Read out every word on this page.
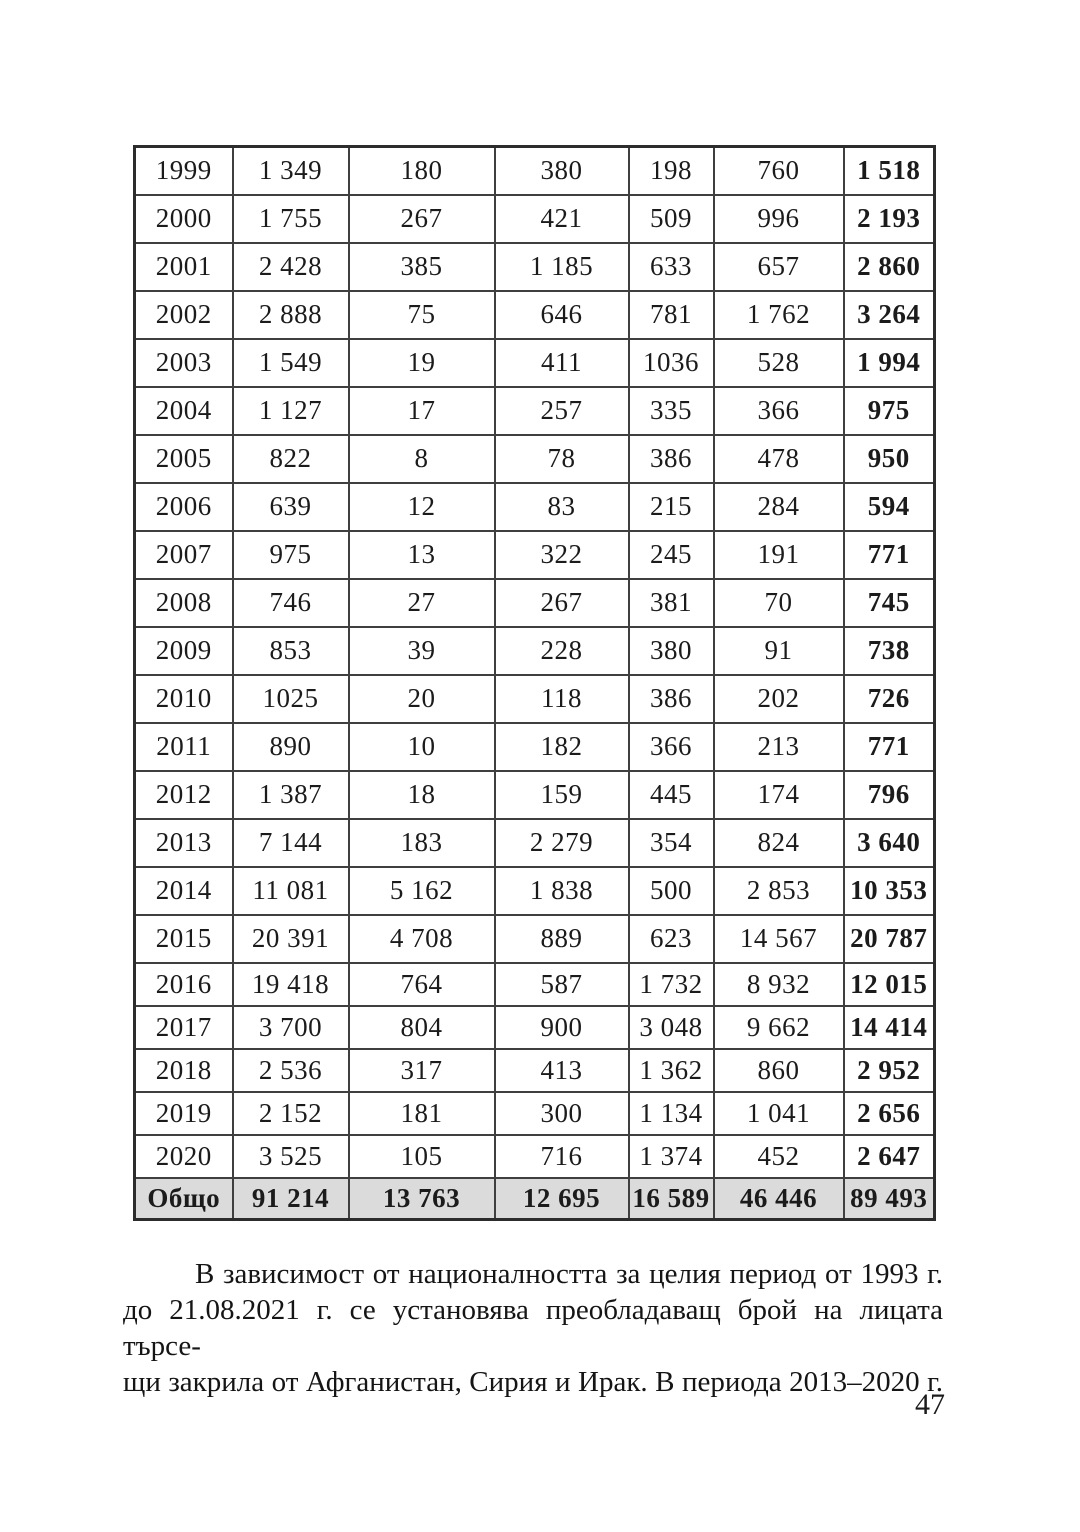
1999	1 349	180	380	198	760	1 518
2000	1 755	267	421	509	996	2 193
2001	2 428	385	1 185	633	657	2 860
2002	2 888	75	646	781	1 762	3 264
2003	1 549	19	411	1036	528	1 994
2004	1 127	17	257	335	366	975
2005	822	8	78	386	478	950
2006	639	12	83	215	284	594
2007	975	13	322	245	191	771
2008	746	27	267	381	70	745
2009	853	39	228	380	91	738
2010	1025	20	118	386	202	726
2011	890	10	182	366	213	771
2012	1 387	18	159	445	174	796
2013	7 144	183	2 279	354	824	3 640
2014	11 081	5 162	1 838	500	2 853	10 353
2015	20 391	4 708	889	623	14 567	20 787
2016	19 418	764	587	1 732	8 932	12 015
2017	3 700	804	900	3 048	9 662	14 414
2018	2 536	317	413	1 362	860	2 952
2019	2 152	181	300	1 134	1 041	2 656
2020	3 525	105	716	1 374	452	2 647
Общо	91 214	13 763	12 695	16 589	46 446	89 493
В зависимост от националността за целия период от 1993 г.
до 21.08.2021 г. се установява преобладаващ брой на лицата търсе-
щи закрила от Афганистан, Сирия и Ирак. В периода 2013–2020 г.
47
